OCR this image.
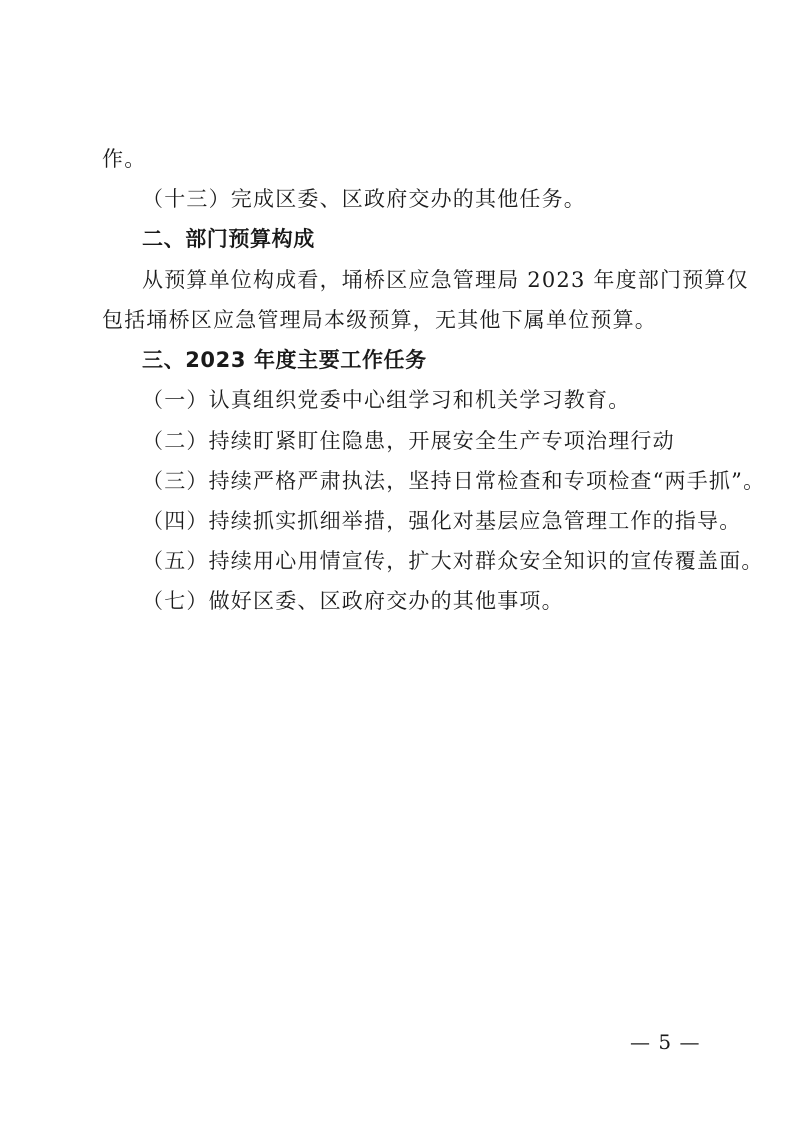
作。
（十三）完成区委、区政府交办的其他任务。
二、部门预算构成
从预算单位构成看，埇桥区应急管理局 2023 年度部门预算仅
包括埇桥区应急管理局本级预算，无其他下属单位预算。
三、2023 年度主要工作任务
（一）认真组织党委中心组学习和机关学习教育。
（二）持续盯紧盯住隐患，开展安全生产专项治理行动
（三）持续严格严肃执法，坚持日常检查和专项检查“两手抓”。
（四）持续抓实抓细举措，强化对基层应急管理工作的指导。
（五）持续用心用情宣传，扩大对群众安全知识的宣传覆盖面。
（七）做好区委、区政府交办的其他事项。
— 5 —
